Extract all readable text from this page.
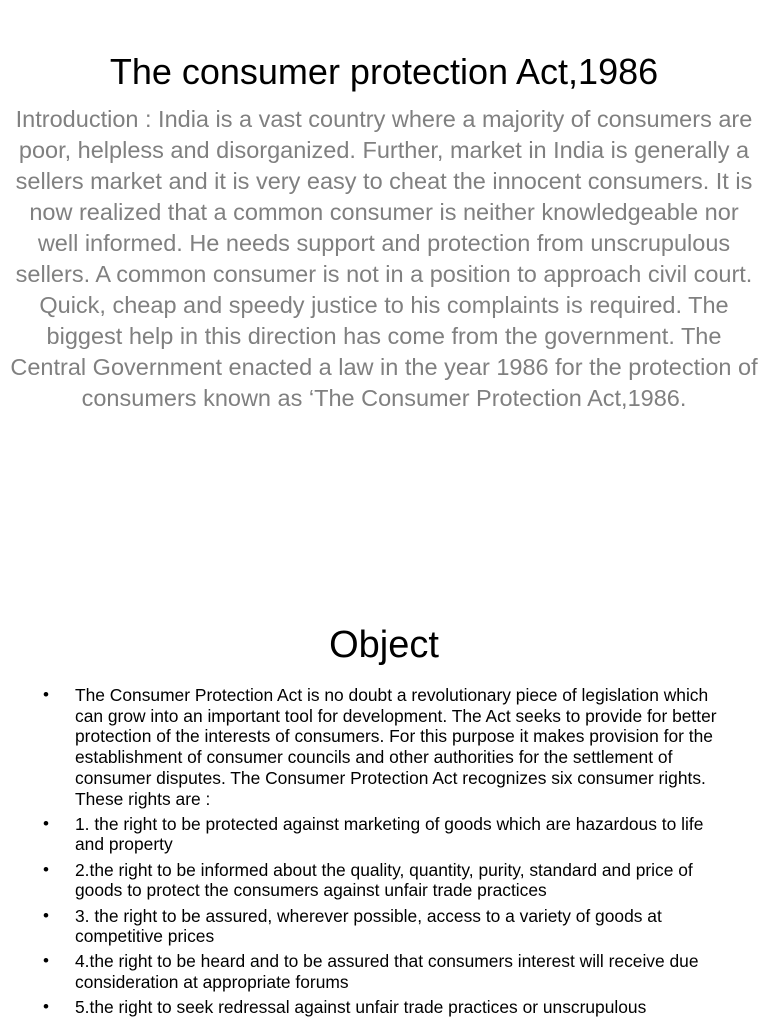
The consumer protection Act,1986

Introduction : India is a vast country where a majority of consumers are poor, helpless and disorganized. Further, market in India is generally a sellers market and it is very easy to cheat the innocent consumers. It is now realized that a common consumer is neither knowledgeable nor well informed. He needs support and protection from unscrupulous sellers. A common consumer is not in a position to approach civil court. Quick, cheap and speedy justice to his complaints is required. The biggest help in this direction has come from the government. The Central Government enacted a law in the year 1986 for the protection of consumers known as ‘The Consumer Protection Act,1986.

Object
• The Consumer Protection Act is no doubt a revolutionary piece of legislation which can grow into an important tool for development. The Act seeks to provide for better protection of the interests of consumers. For this purpose it makes provision for the establishment of consumer councils and other authorities for the settlement of consumer disputes. The Consumer Protection Act recognizes six consumer rights. These rights are :
• 1. the right to be protected against marketing of goods which are hazardous to life and property
• 2.the right to be informed about the quality, quantity, purity, standard and price of goods to protect the consumers against unfair trade practices
• 3. the right to be assured, wherever possible, access to a variety of goods at competitive prices
• 4.the right to be heard and to be assured that consumers interest will receive due consideration at appropriate forums
• 5.the right to seek redressal against unfair trade practices or unscrupulous
